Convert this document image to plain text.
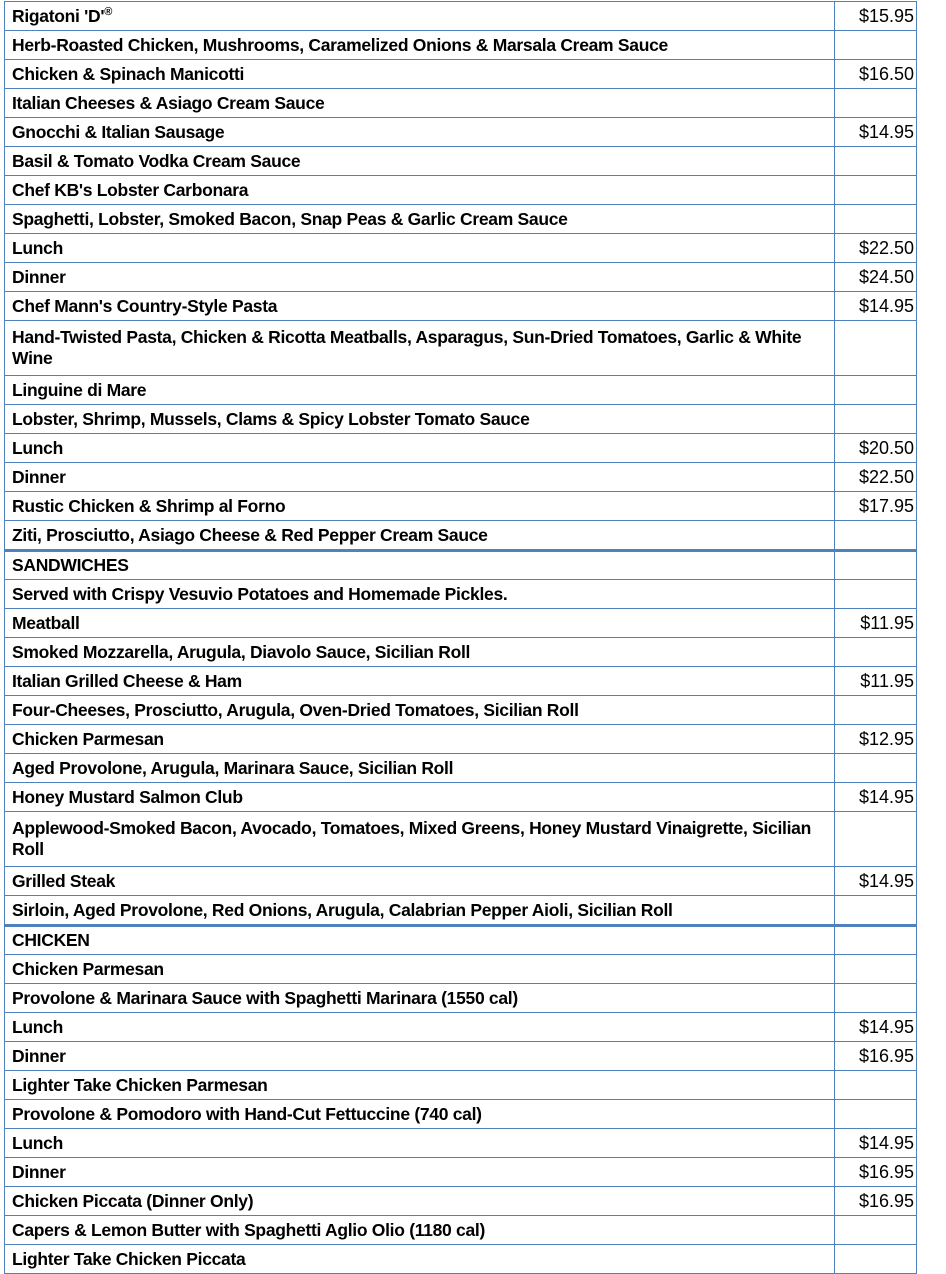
Rigatoni 'D'®	$15.95
Herb-Roasted Chicken, Mushrooms, Caramelized Onions & Marsala Cream Sauce	
Chicken & Spinach Manicotti	$16.50
Italian Cheeses & Asiago Cream Sauce	
Gnocchi & Italian Sausage	$14.95
Basil & Tomato Vodka Cream Sauce	
Chef KB's Lobster Carbonara	
Spaghetti, Lobster, Smoked Bacon, Snap Peas & Garlic Cream Sauce	
Lunch	$22.50
Dinner	$24.50
Chef Mann's Country-Style Pasta	$14.95
Hand-Twisted Pasta, Chicken & Ricotta Meatballs, Asparagus, Sun-Dried Tomatoes, Garlic & White Wine	
Linguine di Mare	
Lobster, Shrimp, Mussels, Clams & Spicy Lobster Tomato Sauce	
Lunch	$20.50
Dinner	$22.50
Rustic Chicken & Shrimp al Forno	$17.95
Ziti, Prosciutto, Asiago Cheese & Red Pepper Cream Sauce	
SANDWICHES	
Served with Crispy Vesuvio Potatoes and Homemade Pickles.	
Meatball	$11.95
Smoked Mozzarella, Arugula, Diavolo Sauce, Sicilian Roll	
Italian Grilled Cheese & Ham	$11.95
Four-Cheeses, Prosciutto, Arugula, Oven-Dried Tomatoes, Sicilian Roll	
Chicken Parmesan	$12.95
Aged Provolone, Arugula, Marinara Sauce, Sicilian Roll	
Honey Mustard Salmon Club	$14.95
Applewood-Smoked Bacon, Avocado, Tomatoes, Mixed Greens, Honey Mustard Vinaigrette, Sicilian Roll	
Grilled Steak	$14.95
Sirloin, Aged Provolone, Red Onions, Arugula, Calabrian Pepper Aioli, Sicilian Roll	
CHICKEN	
Chicken Parmesan	
Provolone & Marinara Sauce with Spaghetti Marinara (1550 cal)	
Lunch	$14.95
Dinner	$16.95
Lighter Take Chicken Parmesan	
Provolone & Pomodoro with Hand-Cut Fettuccine (740 cal)	
Lunch	$14.95
Dinner	$16.95
Chicken Piccata (Dinner Only)	$16.95
Capers & Lemon Butter with Spaghetti Aglio Olio (1180 cal)	
Lighter Take Chicken Piccata	
